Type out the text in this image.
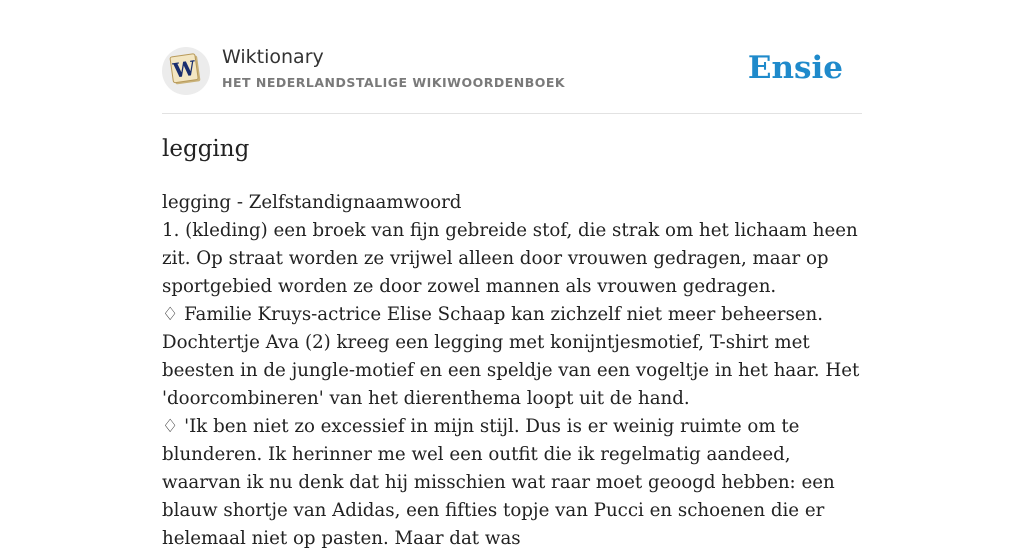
W Wiktionary
HET NEDERLANDSTALIGE WIKIWOORDENBOEK	Ensie
legging

legging - Zelfstandignaamwoord

1. (kleding) een broek van fijn gebreide stof, die strak om het lichaam heen zit. Op straat worden ze vrijwel alleen door vrouwen gedragen, maar op sportgebied worden ze door zowel mannen als vrouwen gedragen.

♢ Familie Kruys-actrice Elise Schaap kan zichzelf niet meer beheersen. Dochtertje Ava (2) kreeg een legging met konijntjesmotief, T-shirt met beesten in de jungle-motief en een speldje van een vogeltje in het haar. Het 'doorcombineren' van het dierenthema loopt uit de hand.

♢ 'Ik ben niet zo excessief in mijn stijl. Dus is er weinig ruimte om te blunderen. Ik herinner me wel een outfit die ik regelmatig aandeed, waarvan ik nu denk dat hij misschien wat raar moet geoogd hebben: een blauw shortje van Adidas, een fifties topje van Pucci en schoenen die er helemaal niet op pasten. Maar dat was
